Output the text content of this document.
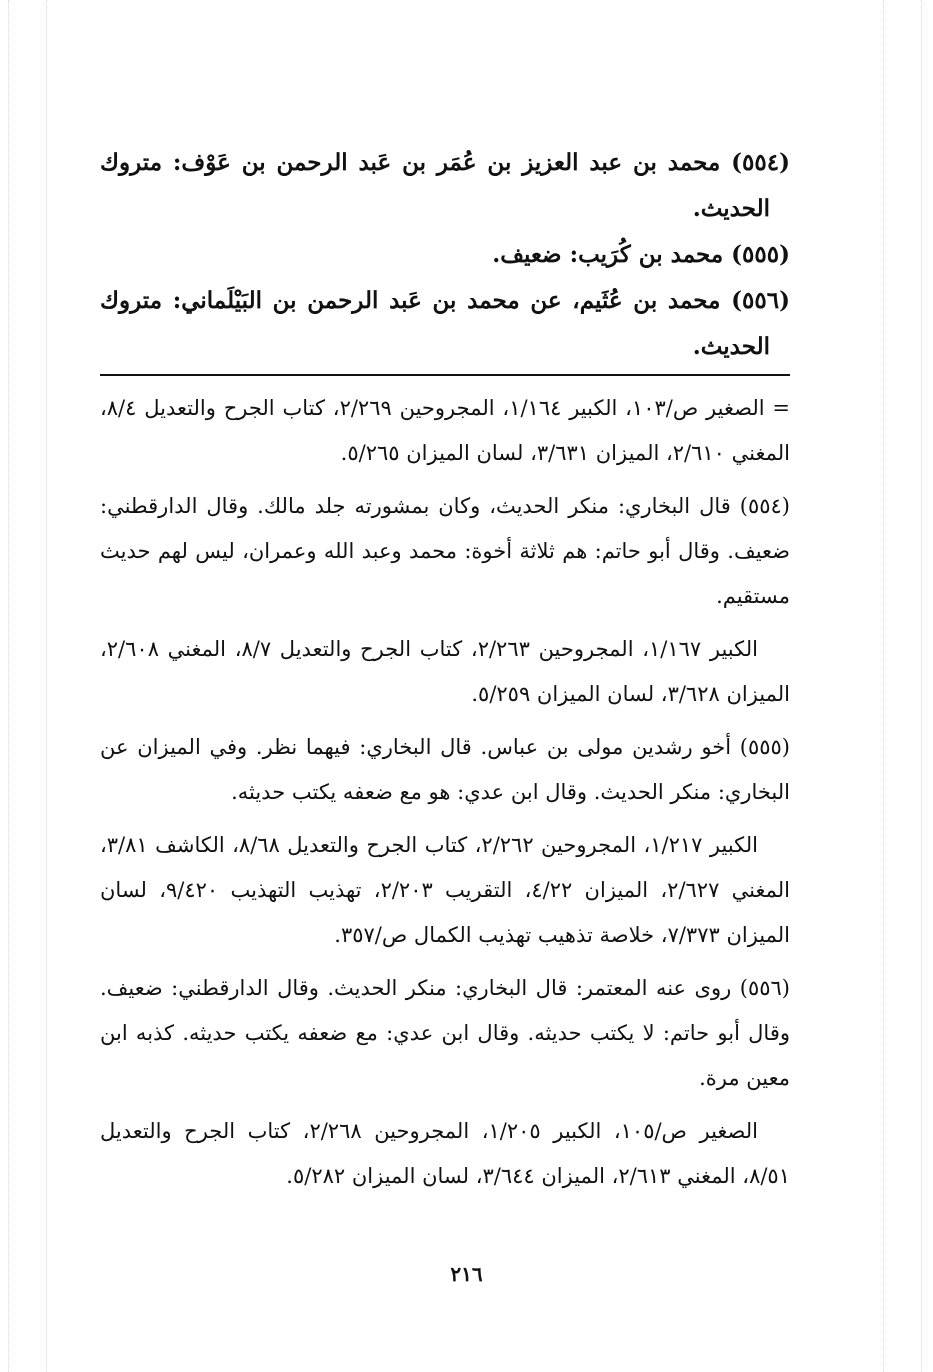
(٥٥٤) محمد بن عبد العزيز بن عُمَر بن عَبد الرحمن بن عَوْف: متروك الحديث.
(٥٥٥) محمد بن كُرَيب: ضعيف.
(٥٥٦) محمد بن عُثَيم، عن محمد بن عَبد الرحمن بن البَيْلَماني: متروك الحديث.

= الصغير ص/١٠٣، الكبير ١/١٦٤، المجروحين ٢/٢٦٩، كتاب الجرح والتعديل ٨/٤، المغني ٢/٦١٠، الميزان ٣/٦٣١، لسان الميزان ٥/٢٦٥.

(٥٥٤) قال البخاري: منكر الحديث، وكان بمشورته جلد مالك. وقال الدارقطني: ضعيف. وقال أبو حاتم: هم ثلاثة أخوة: محمد وعبد الله وعمران، ليس لهم حديث مستقيم.

الكبير ١/١٦٧، المجروحين ٢/٢٦٣، كتاب الجرح والتعديل ٨/٧، المغني ٢/٦٠٨، الميزان ٣/٦٢٨، لسان الميزان ٥/٢٥٩.

(٥٥٥) أخو رشدين مولى بن عباس. قال البخاري: فيهما نظر. وفي الميزان عن البخاري: منكر الحديث. وقال ابن عدي: هو مع ضعفه يكتب حديثه.

الكبير ١/٢١٧، المجروحين ٢/٢٦٢، كتاب الجرح والتعديل ٨/٦٨، الكاشف ٣/٨١، المغني ٢/٦٢٧، الميزان ٤/٢٢، التقريب ٢/٢٠٣، تهذيب التهذيب ٩/٤٢٠، لسان الميزان ٧/٣٧٣، خلاصة تذهيب تهذيب الكمال ص/٣٥٧.

(٥٥٦) روى عنه المعتمر: قال البخاري: منكر الحديث. وقال الدارقطني: ضعيف. وقال أبو حاتم: لا يكتب حديثه. وقال ابن عدي: مع ضعفه يكتب حديثه. كذبه ابن معين مرة.

الصغير ص/١٠٥، الكبير ١/٢٠٥، المجروحين ٢/٢٦٨، كتاب الجرح والتعديل ٨/٥١، المغني ٢/٦١٣، الميزان ٣/٦٤٤، لسان الميزان ٥/٢٨٢.

٢١٦
